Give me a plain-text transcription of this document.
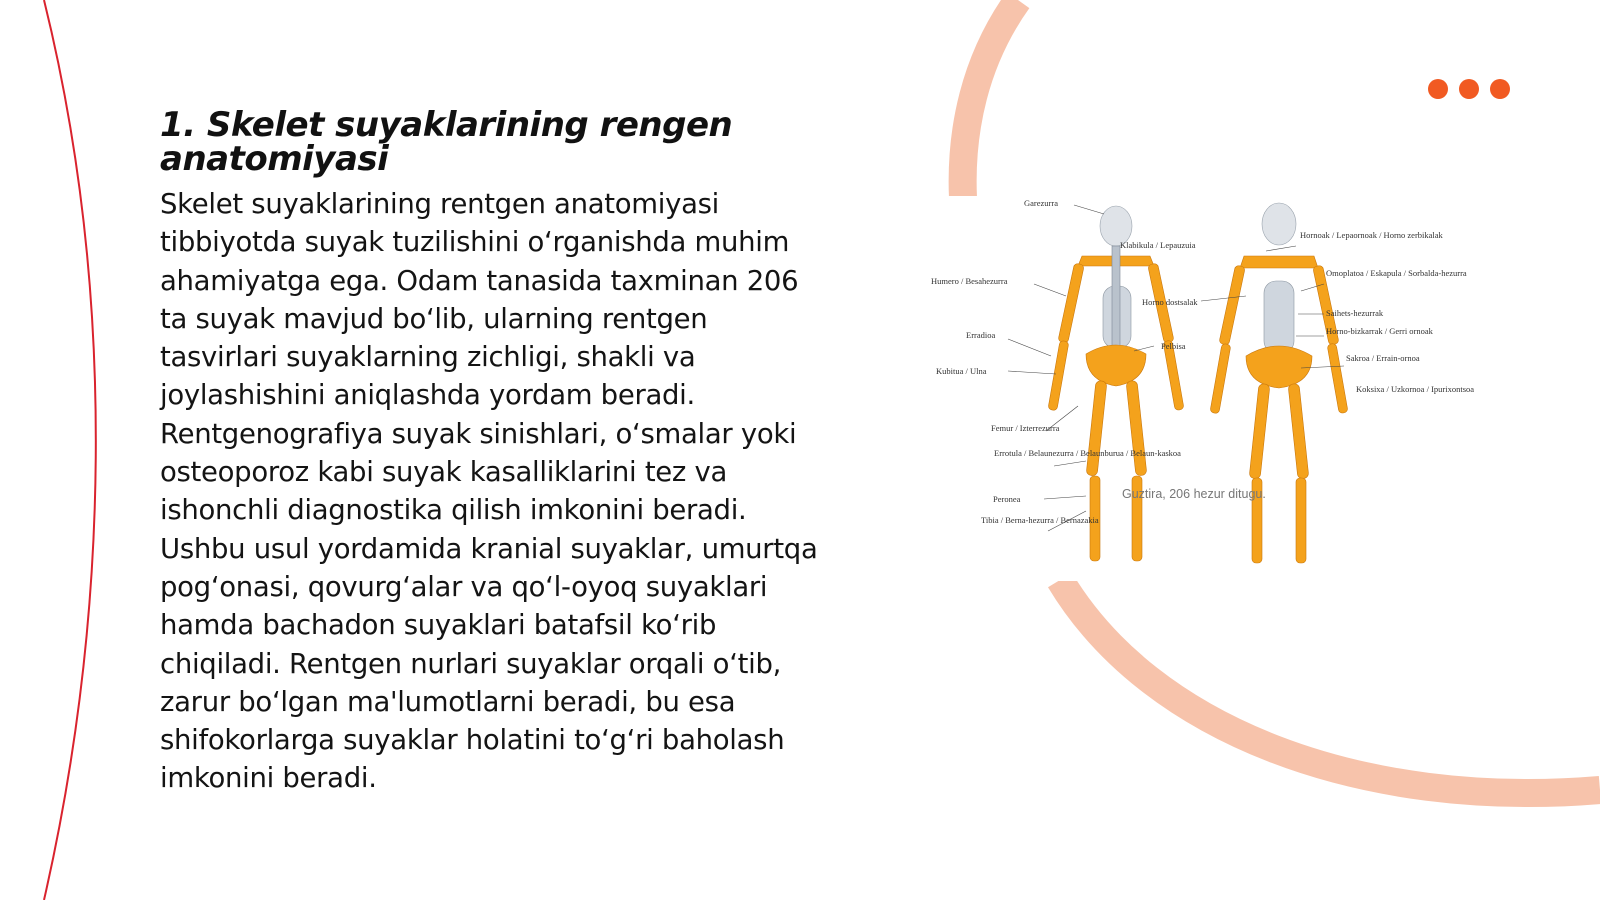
1. Skelet suyaklarining rengen anatomiyasi

Skelet suyaklarining rentgen anatomiyasi tibbiyotda suyak tuzilishini o‘rganishda muhim ahamiyatga ega. Odam tanasida taxminan 206 ta suyak mavjud bo‘lib, ularning rentgen tasvirlari suyaklarning zichligi, shakli va joylashishini aniqlashda yordam beradi. Rentgenografiya suyak sinishlari, o‘smalar yoki osteoporoz kabi suyak kasalliklarini tez va ishonchli diagnostika qilish imkonini beradi. Ushbu usul yordamida kranial suyaklar, umurtqa pog‘onasi, qovurg‘alar va qo‘l-oyoq suyaklari hamda bachadon suyaklari batafsil ko‘rib chiqiladi. Rentgen nurlari suyaklar orqali o‘tib, zarur bo‘lgan ma'lumotlarni beradi, bu esa shifokorlarga suyaklar holatini to‘g‘ri baholash imkonini beradi.

Garezurra
Humero / Besahezurra
Erradioa
Kubitua / Ulna
Femur / Izterrezurra
Errotula / Belaunezurra / Belaunburua / Belaun-kaskoa
Peronea
Tibia / Berna-hezurra / Bernazakia
Klabikula / Lepauzuia
Horno dostsalak
Pelbisa
Hornoak / Lepaornoak / Horno zerbikalak
Omoplatoa / Eskapula / Sorbalda-hezurra
Saihets-hezurrak
Horno-bizkarrak / Gerri ornoak
Sakroa / Errain-ornoa
Koksixa / Uzkornoa / Ipurixontsoa
Guztira, 206 hezur ditugu.
